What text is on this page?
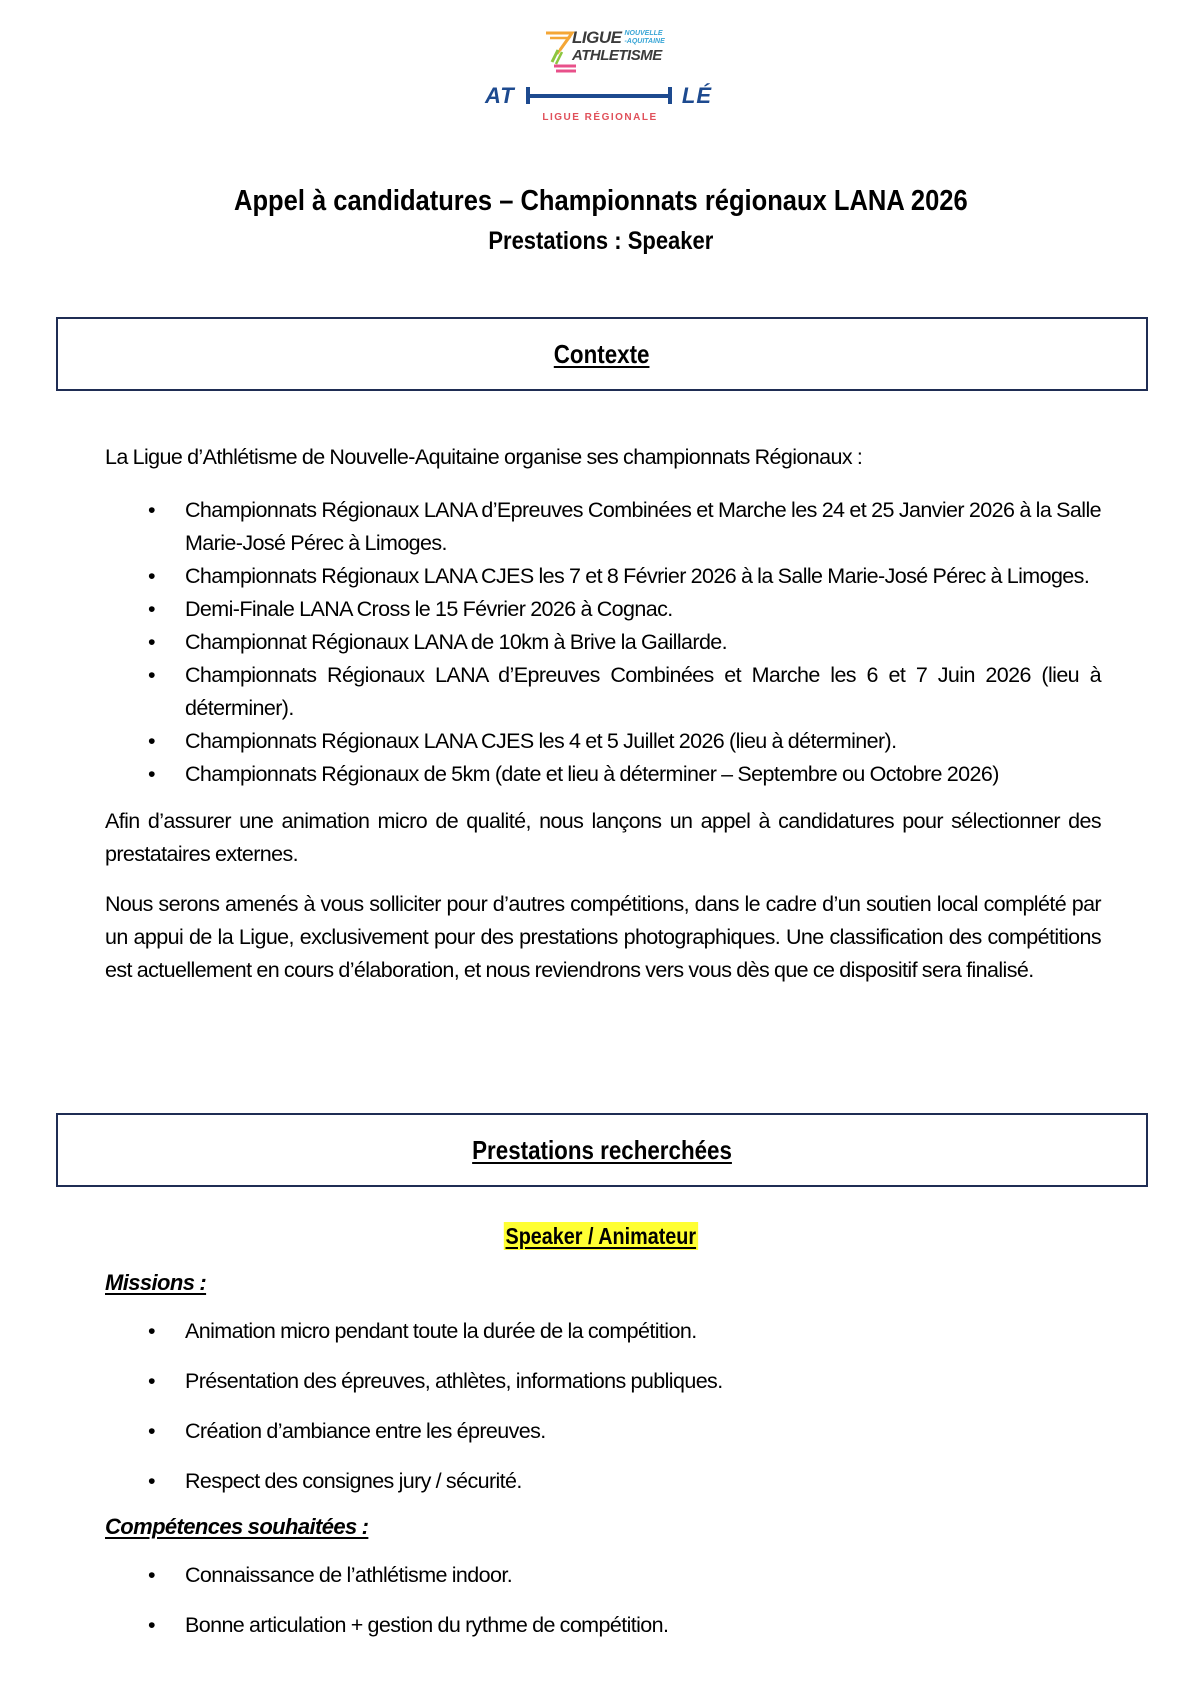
LIGUE NOUVELLE
-AQUITAINE
ATHLETISME
AT	LÉ
LIGUE RÉGIONALE
Appel à candidatures – Championnats régionaux LANA 2026
Prestations : Speaker
Contexte

La Ligue d’Athlétisme de Nouvelle-Aquitaine organise ses championnats Régionaux :

• Championnats Régionaux LANA d’Epreuves Combinées et Marche les 24 et 25 Janvier 2026 à la Salle Marie-José Pérec à Limoges.
• Championnats Régionaux LANA CJES les 7 et 8 Février 2026 à la Salle Marie-José Pérec à Limoges.
• Demi-Finale LANA Cross le 15 Février 2026 à Cognac.
• Championnat Régionaux LANA de 10km à Brive la Gaillarde.
• Championnats Régionaux LANA d’Epreuves Combinées et Marche les 6 et 7 Juin 2026 (lieu à déterminer).
• Championnats Régionaux LANA CJES les 4 et 5 Juillet 2026 (lieu à déterminer).
• Championnats Régionaux de 5km (date et lieu à déterminer – Septembre ou Octobre 2026)

Afin d’assurer une animation micro de qualité, nous lançons un appel à candidatures pour sélectionner des prestataires externes.

Nous serons amenés à vous solliciter pour d’autres compétitions, dans le cadre d’un soutien local complété par un appui de la Ligue, exclusivement pour des prestations photographiques. Une classification des compétitions est actuellement en cours d’élaboration, et nous reviendrons vers vous dès que ce dispositif sera finalisé.

Prestations recherchées
Speaker / Animateur
Missions :
• Animation micro pendant toute la durée de la compétition.
• Présentation des épreuves, athlètes, informations publiques.
• Création d’ambiance entre les épreuves.
• Respect des consignes jury / sécurité.
Compétences souhaitées :
• Connaissance de l’athlétisme indoor.
• Bonne articulation + gestion du rythme de compétition.
